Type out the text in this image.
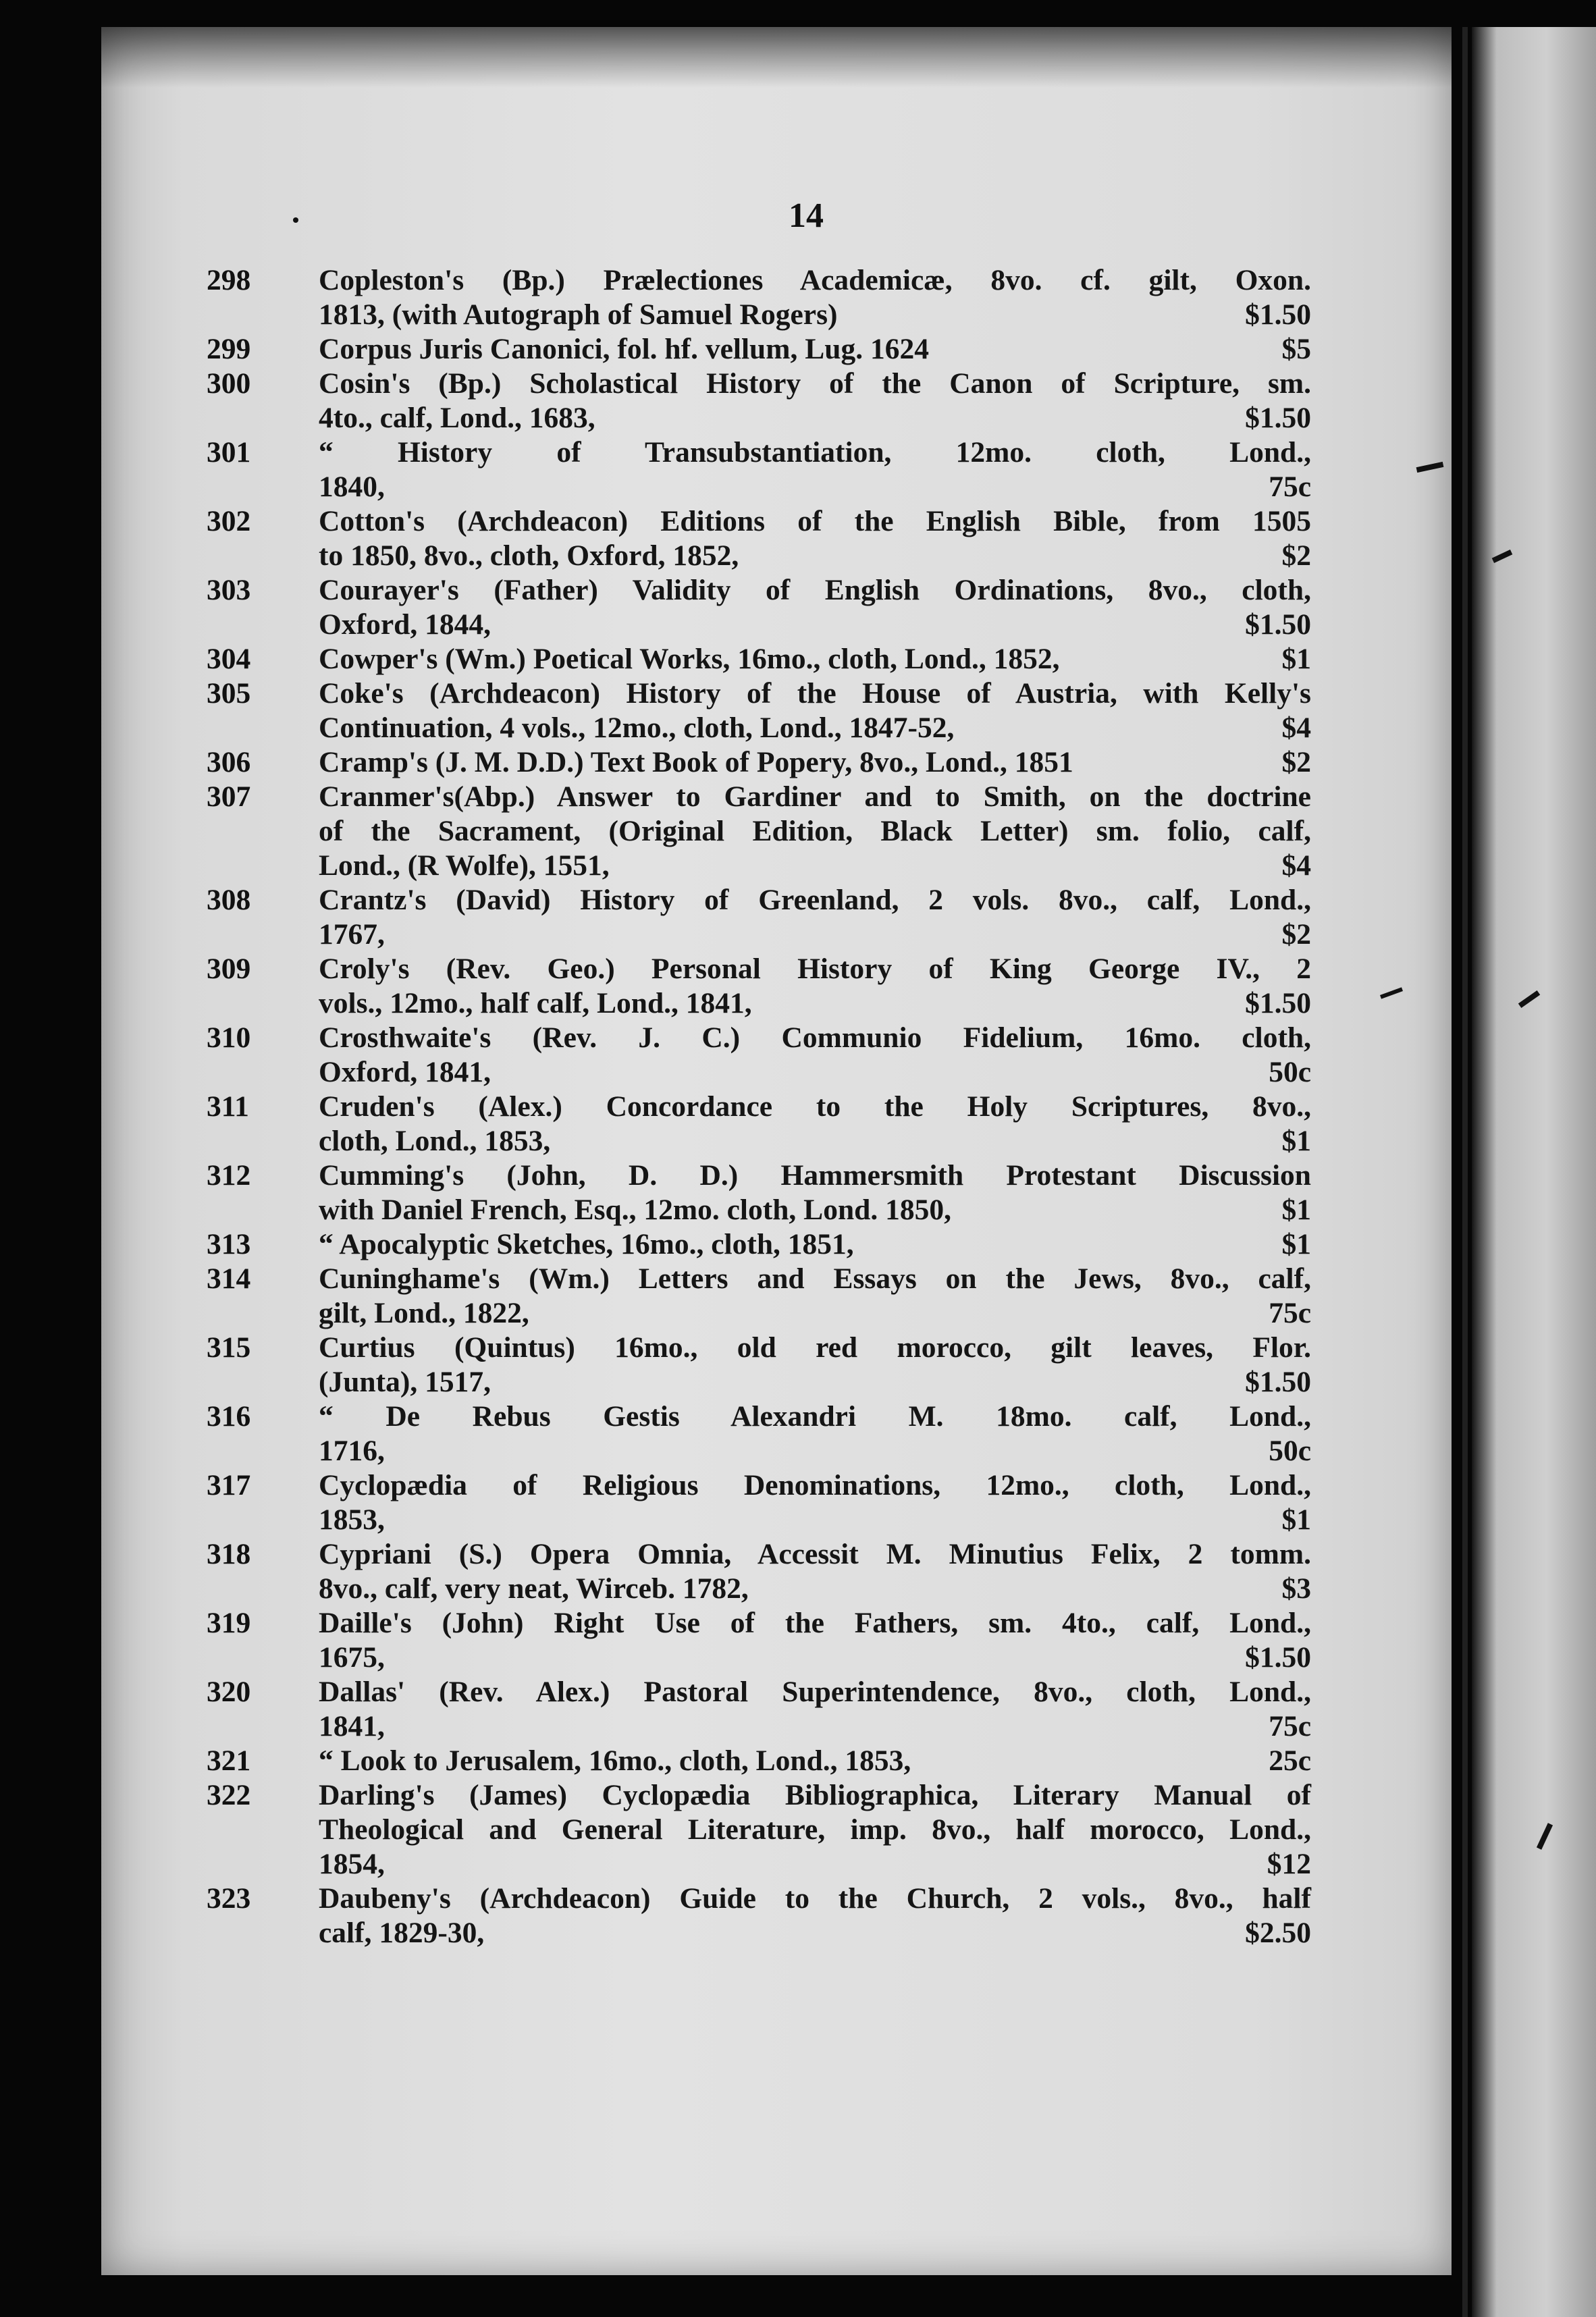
14
298	Copleston's (Bp.) Prælectiones Academicæ, 8vo. cf. gilt, Oxon.
1813, (with Autograph of Samuel Rogers)	$1.50
299	Corpus Juris Canonici, fol. hf. vellum, Lug. 1624	$5
300	Cosin's (Bp.) Scholastical History of the Canon of Scripture, sm.
4to., calf, Lond., 1683,	$1.50
301	“ History of Transubstantiation, 12mo. cloth, Lond.,
1840,	75c
302	Cotton's (Archdeacon) Editions of the English Bible, from 1505
to 1850, 8vo., cloth, Oxford, 1852,	$2
303	Courayer's (Father) Validity of English Ordinations, 8vo., cloth,
Oxford, 1844,	$1.50
304	Cowper's (Wm.) Poetical Works, 16mo., cloth, Lond., 1852,	$1
305	Coke's (Archdeacon) History of the House of Austria, with Kelly's
Continuation, 4 vols., 12mo., cloth, Lond., 1847-52,	$4
306	Cramp's (J. M. D.D.) Text Book of Popery, 8vo., Lond., 1851	$2
307	Cranmer's(Abp.) Answer to Gardiner and to Smith, on the doctrine
of the Sacrament, (Original Edition, Black Letter) sm. folio, calf,
Lond., (R Wolfe), 1551,	$4
308	Crantz's (David) History of Greenland, 2 vols. 8vo., calf, Lond.,
1767,	$2
309	Croly's (Rev. Geo.) Personal History of King George IV., 2
vols., 12mo., half calf, Lond., 1841,	$1.50
310	Crosthwaite's (Rev. J. C.) Communio Fidelium, 16mo. cloth,
Oxford, 1841,	50c
311	Cruden's (Alex.) Concordance to the Holy Scriptures, 8vo.,
cloth, Lond., 1853,	$1
312	Cumming's (John, D. D.) Hammersmith Protestant Discussion
with Daniel French, Esq., 12mo. cloth, Lond. 1850,	$1
313	“ Apocalyptic Sketches, 16mo., cloth, 1851,	$1
314	Cuninghame's (Wm.) Letters and Essays on the Jews, 8vo., calf,
gilt, Lond., 1822,	75c
315	Curtius (Quintus) 16mo., old red morocco, gilt leaves, Flor.
(Junta), 1517,	$1.50
316	“ De Rebus Gestis Alexandri M. 18mo. calf, Lond.,
1716,	50c
317	Cyclopædia of Religious Denominations, 12mo., cloth, Lond.,
1853,	$1
318	Cypriani (S.) Opera Omnia, Accessit M. Minutius Felix, 2 tomm.
8vo., calf, very neat, Wirceb. 1782,	$3
319	Daille's (John) Right Use of the Fathers, sm. 4to., calf, Lond.,
1675,	$1.50
320	Dallas' (Rev. Alex.) Pastoral Superintendence, 8vo., cloth, Lond.,
1841,	75c
321	“ Look to Jerusalem, 16mo., cloth, Lond., 1853,	25c
322	Darling's (James) Cyclopædia Bibliographica, Literary Manual of
Theological and General Literature, imp. 8vo., half morocco, Lond.,
1854,	$12
323	Daubeny's (Archdeacon) Guide to the Church, 2 vols., 8vo., half
calf, 1829-30,	$2.50
